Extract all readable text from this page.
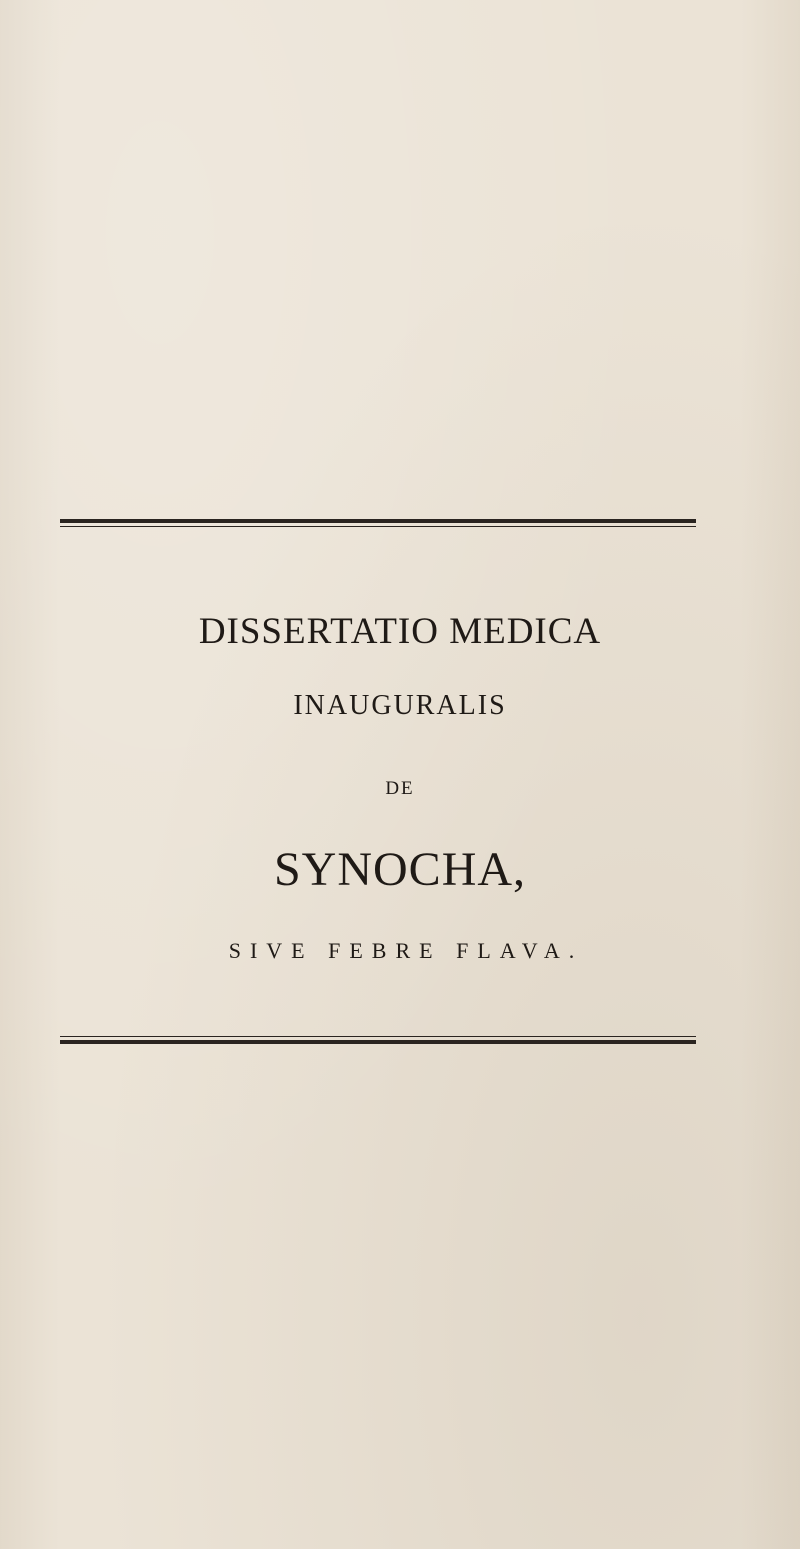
DISSERTATIO MEDICA
INAUGURALIS
DE
SYNOCHA,
SIVE FEBRE FLAVA.
